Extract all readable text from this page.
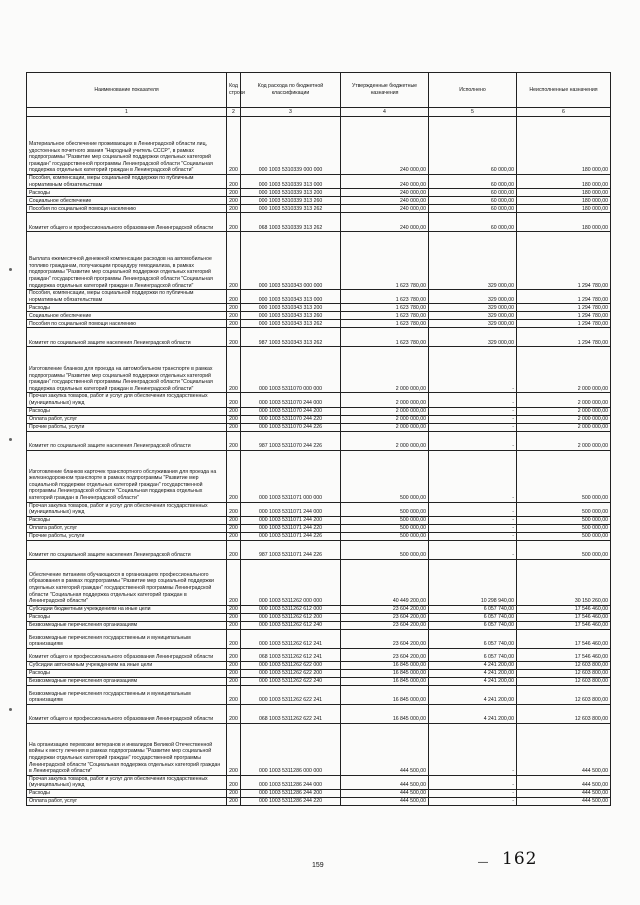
Наименование показателя	Код строки	Код расхода по бюджетной классификации	Утвержденные бюджетные назначения	Исполнено	Неисполненные назначения
1	2	3	4	5	6
Материальное обеспечение проживающих в Ленинградской области лиц, удостоенных почетного звания "Народный учитель СССР", в рамках подпрограммы "Развитие мер социальной поддержки отдельных категорий граждан" государственной программы Ленинградской области "Социальная поддержка отдельных категорий граждан в Ленинградской области"	200	000 1003 5310339 000 000	240 000,00	60 000,00	180 000,00
Пособия, компенсации, меры социальной поддержки по публичным нормативным обязательствам	200	000 1003 5310339 313 000	240 000,00	60 000,00	180 000,00
Расходы	200	000 1003 5310339 313 200	240 000,00	60 000,00	180 000,00
Социальное обеспечение	200	000 1003 5310339 313 260	240 000,00	60 000,00	180 000,00
Пособия по социальной помощи населению	200	000 1003 5310339 313 262	240 000,00	60 000,00	180 000,00
Комитет общего и профессионального образования Ленинградской области	200	068 1003 5310339 313 262	240 000,00	60 000,00	180 000,00
Выплата ежемесячной денежной компенсации расходов на автомобильное топливо гражданам, получающим процедуру гемодиализа, в рамках подпрограммы "Развитие мер социальной поддержки отдельных категорий граждан" государственной программы Ленинградской области "Социальная поддержка отдельных категорий граждан в Ленинградской области"	200	000 1003 5310343 000 000	1 623 780,00	329 000,00	1 294 780,00
Пособия, компенсации, меры социальной поддержки по публичным нормативным обязательствам	200	000 1003 5310343 313 000	1 623 780,00	329 000,00	1 294 780,00
Расходы	200	000 1003 5310343 313 200	1 623 780,00	329 000,00	1 294 780,00
Социальное обеспечение	200	000 1003 5310343 313 260	1 623 780,00	329 000,00	1 294 780,00
Пособия по социальной помощи населению	200	000 1003 5310343 313 262	1 623 780,00	329 000,00	1 294 780,00
Комитет по социальной защите населения Ленинградской области	200	987 1003 5310343 313 262	1 623 780,00	329 000,00	1 294 780,00
Изготовление бланков для проезда на автомобильном транспорте в рамках подпрограммы "Развитие мер социальной поддержки отдельных категорий граждан" государственной программы Ленинградской области "Социальная поддержка отдельных категорий граждан в Ленинградской области"	200	000 1003 5311070 000 000	2 000 000,00	-	2 000 000,00
Прочая закупка товаров, работ и услуг для обеспечения государственных (муниципальных) нужд	200	000 1003 5311070 244 000	2 000 000,00	-	2 000 000,00
Расходы	200	000 1003 5311070 244 200	2 000 000,00	-	2 000 000,00
Оплата работ, услуг	200	000 1003 5311070 244 220	2 000 000,00	-	2 000 000,00
Прочие работы, услуги	200	000 1003 5311070 244 226	2 000 000,00	-	2 000 000,00
Комитет по социальной защите населения Ленинградской области	200	987 1003 5311070 244 226	2 000 000,00	-	2 000 000,00
Изготовление бланков карточек транспортного обслуживания для проезда на железнодорожном транспорте в рамках подпрограммы "Развитие мер социальной поддержки отдельных категорий граждан" государственной программы Ленинградской области "Социальная поддержка отдельных категорий граждан в Ленинградской области"	200	000 1003 5311071 000 000	500 000,00	-	500 000,00
Прочая закупка товаров, работ и услуг для обеспечения государственных (муниципальных) нужд	200	000 1003 5311071 244 000	500 000,00	-	500 000,00
Расходы	200	000 1003 5311071 244 200	500 000,00	-	500 000,00
Оплата работ, услуг	200	000 1003 5311071 244 220	500 000,00	-	500 000,00
Прочие работы, услуги	200	000 1003 5311071 244 226	500 000,00	-	500 000,00
Комитет по социальной защите населения Ленинградской области	200	987 1003 5311071 244 226	500 000,00	-	500 000,00
Обеспечение питанием обучающихся в организациях профессионального образования в рамках подпрограммы "Развитие мер социальной поддержки отдельных категорий граждан" государственной программы Ленинградской области "Социальная поддержка отдельных категорий граждан в Ленинградской области"	200	000 1003 5311262 000 000	40 449 200,00	10 298 940,00	30 150 260,00
Субсидии бюджетным учреждениям на иные цели	200	000 1003 5311262 612 000	23 604 200,00	6 057 740,00	17 546 460,00
Расходы	200	000 1003 5311262 612 200	23 604 200,00	6 057 740,00	17 546 460,00
Безвозмездные перечисления организациям	200	000 1003 5311262 612 240	23 604 200,00	6 057 740,00	17 546 460,00
Безвозмездные перечисления государственным и муниципальным организациям	200	000 1003 5311262 612 241	23 604 200,00	6 057 740,00	17 546 460,00
Комитет общего и профессионального образования Ленинградской области	200	068 1003 5311262 612 241	23 604 200,00	6 057 740,00	17 546 460,00
Субсидии автономным учреждениям на иные цели	200	000 1003 5311262 622 000	16 845 000,00	4 241 200,00	12 603 800,00
Расходы	200	000 1003 5311262 622 200	16 845 000,00	4 241 200,00	12 603 800,00
Безвозмездные перечисления организациям	200	000 1003 5311262 622 240	16 845 000,00	4 241 200,00	12 603 800,00
Безвозмездные перечисления государственным и муниципальным организациям	200	000 1003 5311262 622 241	16 845 000,00	4 241 200,00	12 603 800,00
Комитет общего и профессионального образования Ленинградской области	200	068 1003 5311262 622 241	16 845 000,00	4 241 200,00	12 603 800,00
На организацию перевозки ветеранов и инвалидов Великой Отечественной войны к месту лечения в рамках подпрограммы "Развитие мер социальной поддержки отдельных категорий граждан" государственной программы Ленинградской области "Социальная поддержка отдельных категорий граждан в Ленинградской области"	200	000 1003 5311286 000 000	444 500,00	-	444 500,00
Прочая закупка товаров, работ и услуг для обеспечения государственных (муниципальных) нужд	200	000 1003 5311286 244 000	444 500,00	-	444 500,00
Расходы	200	000 1003 5311286 244 200	444 500,00	-	444 500,00
Оплата работ, услуг	200	000 1003 5311286 244 220	444 500,00	-	444 500,00
159	— 162
